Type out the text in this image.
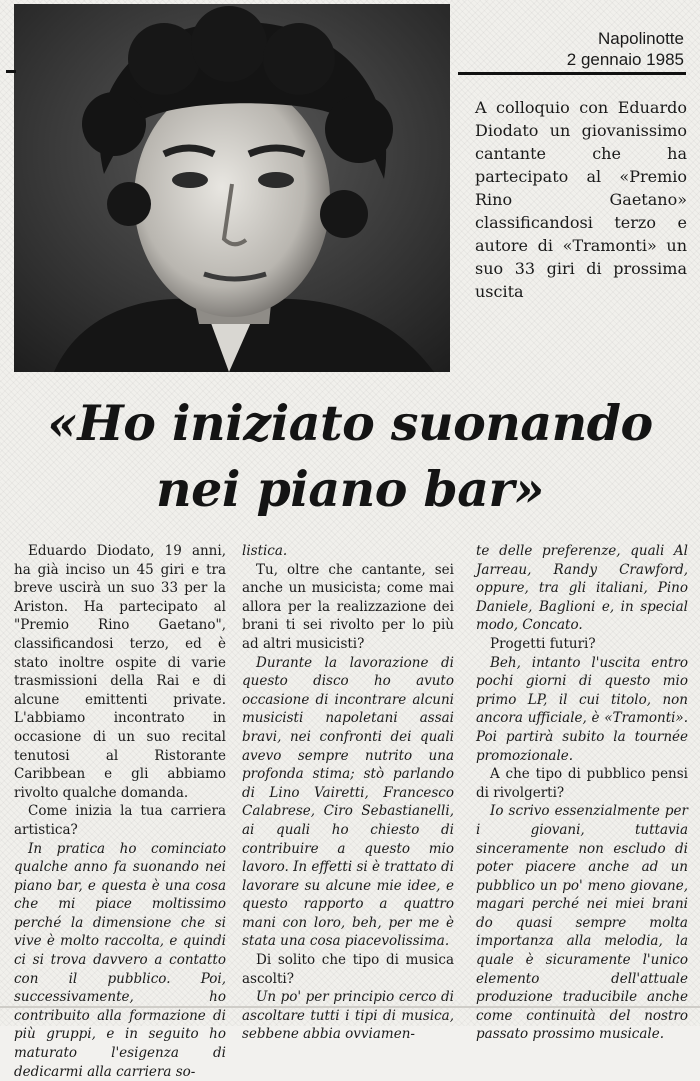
Napolinotte
2 gennaio 1985
A colloquio con Eduardo Diodato un giovanissimo cantante che ha partecipato al «Premio Rino Gaetano» classificandosi terzo e autore di «Tramonti» un suo 33 giri di prossima uscita
«Ho iniziato suonando
nei piano bar»

Eduardo Diodato, 19 anni, ha già inciso un 45 giri e tra breve uscirà un suo 33 per la Ariston. Ha partecipato al "Premio Rino Gaetano", classificandosi terzo, ed è stato inoltre ospite di varie trasmissioni della Rai e di alcune emittenti private. L'abbiamo incontrato in occasione di un suo recital tenutosi al Ristorante Caribbean e gli abbiamo rivolto qualche domanda.

Come inizia la tua carriera artistica?

In pratica ho cominciato qualche anno fa suonando nei piano bar, e questa è una cosa che mi piace moltissimo perché la dimensione che si vive è molto raccolta, e quindi ci si trova davvero a contatto con il pubblico. Poi, successivamente, ho contribuito alla formazione di più gruppi, e in seguito ho maturato l'esigenza di dedicarmi alla carriera so-

listica.

Tu, oltre che cantante, sei anche un musicista; come mai allora per la realizzazione dei brani ti sei rivolto per lo più ad altri musicisti?

Durante la lavorazione di questo disco ho avuto occasione di incontrare alcuni musicisti napoletani assai bravi, nei confronti dei quali avevo sempre nutrito una profonda stima; stò parlando di Lino Vairetti, Francesco Calabrese, Ciro Sebastianelli, ai quali ho chiesto di contribuire a questo mio lavoro. In effetti si è trattato di lavorare su alcune mie idee, e questo rapporto a quattro mani con loro, beh, per me è stata una cosa piacevolissima.

Di solito che tipo di musica ascolti?

Un po' per principio cerco di ascoltare tutti i tipi di musica, sebbene abbia ovviamen-

te delle preferenze, quali Al Jarreau, Randy Crawford, oppure, tra gli italiani, Pino Daniele, Baglioni e, in special modo, Concato.

Progetti futuri?

Beh, intanto l'uscita entro pochi giorni di questo mio primo LP, il cui titolo, non ancora ufficiale, è «Tramonti». Poi partirà subito la tournée promozionale.

A che tipo di pubblico pensi di rivolgerti?

Io scrivo essenzialmente per i giovani, tuttavia sinceramente non escludo di poter piacere anche ad un pubblico un po' meno giovane, magari perché nei miei brani do quasi sempre molta importanza alla melodia, la quale è sicuramente l'unico elemento dell'attuale produzione traducibile anche come continuità del nostro passato prossimo musicale.
